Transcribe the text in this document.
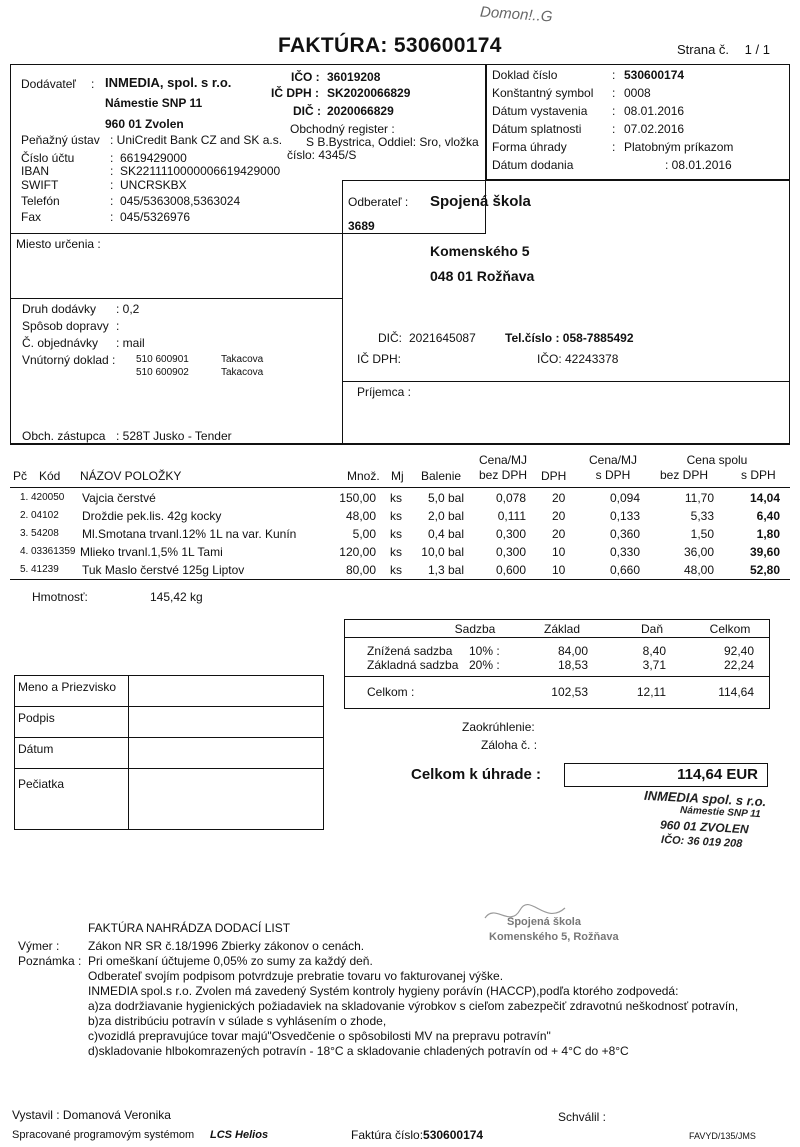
Domon!..G
FAKTÚRA: 530600174	Strana č. 1 / 1
Dodávateľ : INMEDIA, spol. s r.o.
Námestie SNP 11
960 01 Zvolen
IČO : 36019208
IČ DPH : SK2020066829
DIČ : 2020066829
Obchodný register :
S B.Bystrica, Oddiel: Sro, vložka
číslo: 4345/S
Peňažný ústav : UniCredit Bank CZ and SK a.s.
Číslo účtu	: 6619429000
IBAN	: SK2211110000006619429000
SWIFT	: UNCRSKBX
Telefón	: 045/5363008,5363024
Fax	: 045/5326976
Doklad číslo	: 530600174
Konštantný symbol : 0008
Dátum vystavenia : 08.01.2016
Dátum splatnosti	: 07.02.2016
Forma úhrady	: Platobným príkazom
Dátum dodania	: 08.01.2016
Odberateľ : Spojená škola
3689
Komenského 5
048 01 Rožňava
DIČ: 2021645087 Tel.číslo : 058-7885492
IČ DPH:	IČO: 42243378
Príjemca :
Miesto určenia :
Druh dodávky : 0,2
Spôsob dopravy :
Č. objednávky : mail
Vnútorný doklad : 510 600901	Takacova
510 600902	Takacova
Obch. zástupca : 528T Jusko - Tender
Pč Kód NÁZOV POLOŽKY	Množ. Mj Balenie
Cena/MJ
bez DPH	DPH
Cena/MJ
s DPH
Cena spolu
bez DPH	s DPH
1. 420050 Vajcia čerstvé	150,00 ks	5,0 bal	0,078 20	0,094	11,70	14,04
2. 04102 Droždie pek.lis. 42g kocky	48,00 ks	2,0 bal	0,111 20	0,133	5,33	6,40
3. 54208 Ml.Smotana trvanl.12% 1L na var. Kunín	5,00 ks	0,4 bal	0,300 20	0,360	1,50	1,80
4. 03361359 Mlieko trvanl.1,5% 1L Tami	120,00 ks	10,0 bal	0,300 10	0,330	36,00	39,60
5. 41239 Tuk Maslo čerstvé 125g Liptov	80,00 ks	1,3 bal	0,600 10	0,660	48,00	52,80
Hmotnosť:	145,42 kg
Sadzba	Základ	Daň	Celkom
Znížená sadzba 10% :	84,00	8,40	92,40
Základná sadzba 20% :	18,53	3,71	22,24
Celkom :	102,53	12,11	114,64
Meno a Priezvisko
Podpis
Dátum
Pečiatka
Zaokrúhlenie:
Záloha č. :
Celkom k úhrade :	114,64 EUR
INMEDIA spol. s r.o.
Námestie SNP 11
960 01 ZVOLEN
IČO: 36 019 208
Spojená škola
Komenského 5, Rožňava
FAKTÚRA NAHRÁDZA DODACÍ LIST
Výmer : Zákon NR SR č.18/1996 Zbierky zákonov o cenách.
Poznámka : Pri omeškaní účtujeme 0,05% zo sumy za každý deň.
Odberateľ svojím podpisom potvrdzuje prebratie tovaru vo fakturovanej výške.
INMEDIA spol.s r.o. Zvolen má zavedený Systém kontroly hygieny porávín (HACCP),podľa ktorého zodpovedá:
a)za dodržiavanie hygienických požiadaviek na skladovanie výrobkov s cieľom zabezpečiť zdravotnú neškodnosť potravín,
b)za distribúciu potravín v súlade s vyhlásením o zhode,
c)vozidlá prepravujúce tovar majú"Osvedčenie o spôsobilosti MV na prepravu potravín"
d)skladovanie hlbokomrazených potravín - 18°C a skladovanie chladených potravín od + 4°C do +8°C
Vystavil : Domanová Veronika	Schválil :
Spracované programovým systémom LCS Helios	Faktúra číslo:530600174	FAVYD/135/JMS
